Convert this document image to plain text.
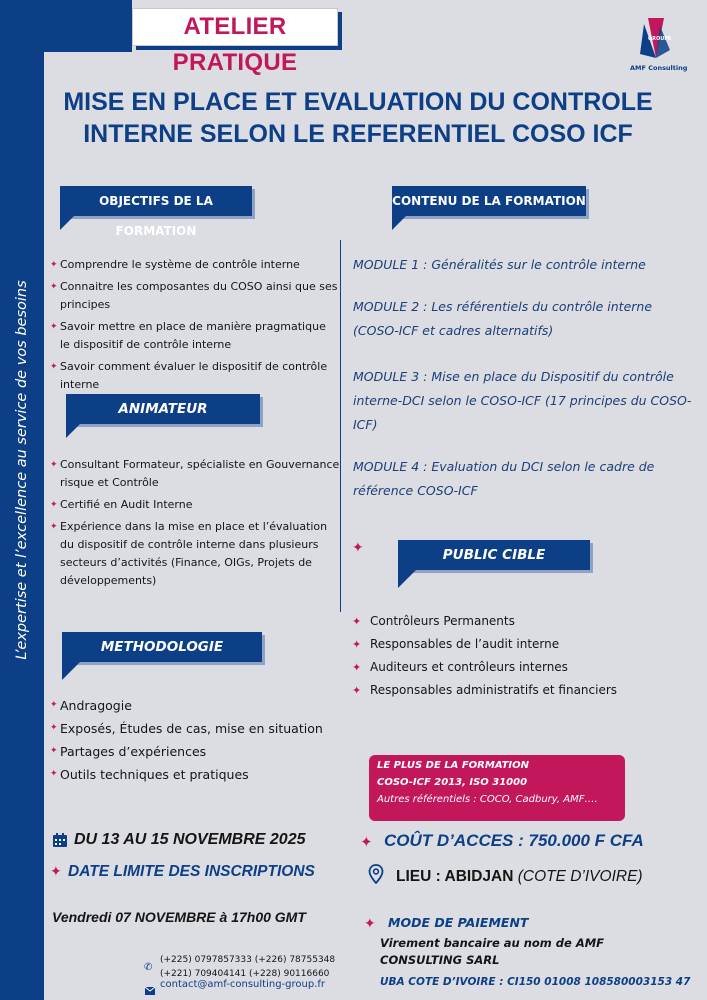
L’expertise et l’excellence au service de vos besoins
ATELIER PRATIQUE
GROUPE
AMF Consulting
MISE EN PLACE ET EVALUATION DU CONTROLE
INTERNE SELON LE REFERENTIEL COSO ICF
OBJECTIFS DE LA FORMATION
✦ Comprendre le système de contrôle interne
✦ Connaitre les composantes du COSO ainsi que ses principes
✦ Savoir mettre en place de manière pragmatique le dispositif de contrôle interne
✦ Savoir comment évaluer le dispositif de contrôle interne
ANIMATEUR
✦ Consultant Formateur, spécialiste en Gouvernance risque et Contrôle
✦ Certifié en Audit Interne
✦ Expérience dans la mise en place et l’évaluation du dispositif de contrôle interne dans plusieurs secteurs d’activités (Finance, OIGs, Projets de développements)
METHODOLOGIE
✦ Andragogie
✦ Exposés, Études de cas, mise en situation
✦ Partages d’expériences
✦ Outils techniques et pratiques
CONTENU DE LA FORMATION
MODULE 1 : Généralités sur le contrôle interne
MODULE 2 : Les référentiels du contrôle interne (COSO-ICF et cadres alternatifs)
MODULE 3 : Mise en place du Dispositif du contrôle interne-DCI selon le COSO-ICF (17 principes du COSO-ICF)
MODULE 4 : Evaluation du DCI selon le cadre de référence COSO-ICF
✦	PUBLIC CIBLE
✦ Contrôleurs Permanents
✦ Responsables de l’audit interne
✦ Auditeurs et contrôleurs internes
✦ Responsables administratifs et financiers
LE PLUS DE LA FORMATION
COSO-ICF 2013, ISO 31000
Autres référentiels : COCO, Cadbury, AMF….
DU 13 AU 15 NOVEMBRE 2025
✦ DATE LIMITE DES INSCRIPTIONS
Vendredi 07 NOVEMBRE à 17h00 GMT
✦ COÛT D’ACCES : 750.000 F CFA
LIEU : ABIDJAN (COTE D’IVOIRE)
✦ MODE DE PAIEMENT
Virement bancaire au nom de AMF
CONSULTING SARL
UBA COTE D’IVOIRE : CI150 01008 108580003153 47
✆
(+225) 0797857333 (+226) 78755348
(+221) 709404141 (+228) 90116660
contact@amf-consulting-group.fr
